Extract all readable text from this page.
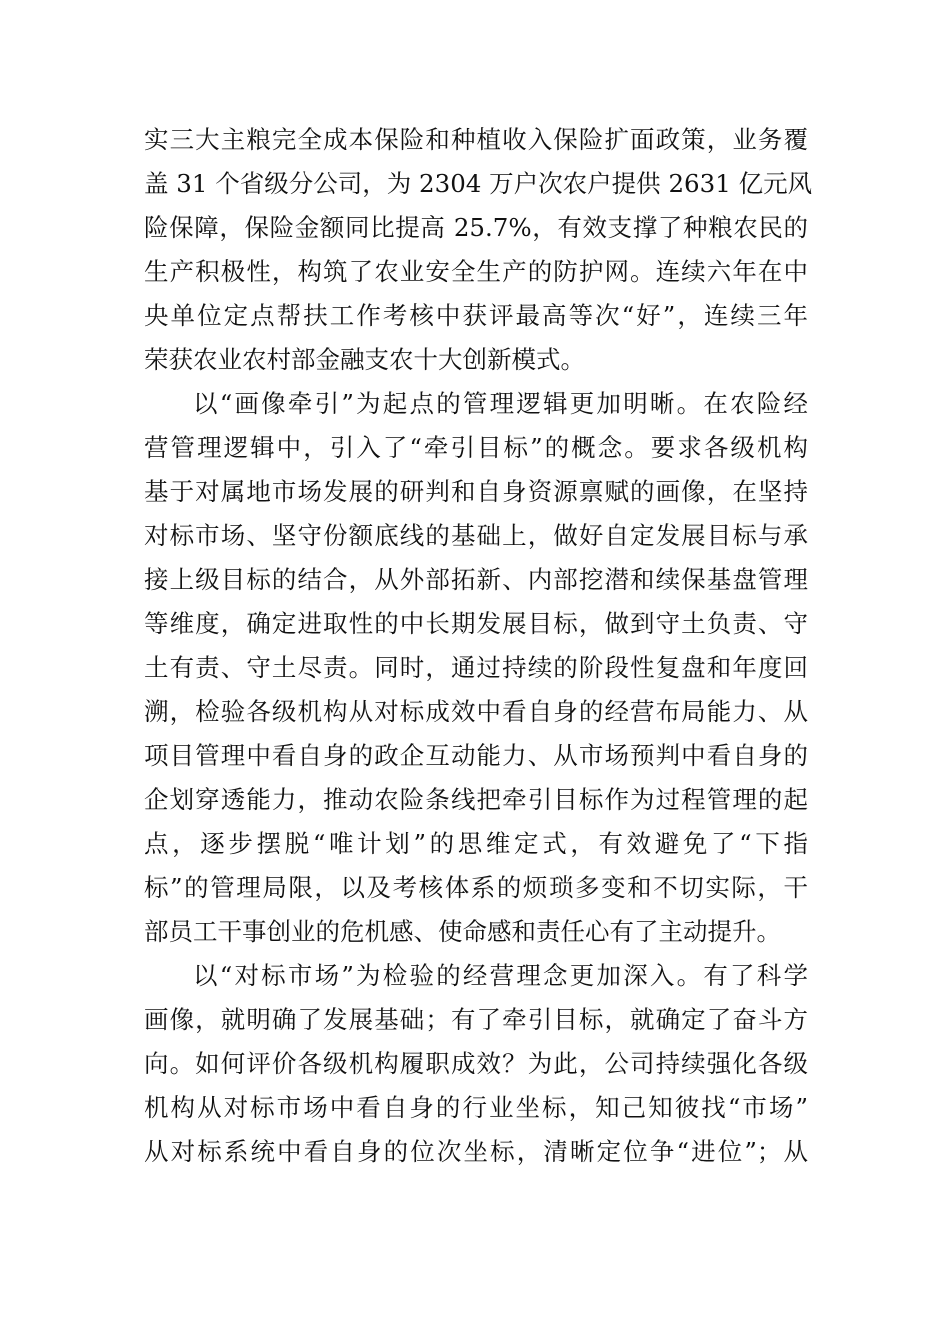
实三大主粮完全成本保险和种植收入保险扩面政策，业务覆
盖 31 个省级分公司，为 2304 万户次农户提供 2631 亿元风
险保障，保险金额同比提高 25.7%，有效支撑了种粮农民的
生产积极性，构筑了农业安全生产的防护网。连续六年在中
央单位定点帮扶工作考核中获评最高等次“好”，连续三年
荣获农业农村部金融支农十大创新模式。
以“画像牵引”为起点的管理逻辑更加明晰。在农险经
营管理逻辑中，引入了“牵引目标”的概念。要求各级机构
基于对属地市场发展的研判和自身资源禀赋的画像，在坚持
对标市场、坚守份额底线的基础上，做好自定发展目标与承
接上级目标的结合，从外部拓新、内部挖潜和续保基盘管理
等维度，确定进取性的中长期发展目标，做到守土负责、守
土有责、守土尽责。同时，通过持续的阶段性复盘和年度回
溯，检验各级机构从对标成效中看自身的经营布局能力、从
项目管理中看自身的政企互动能力、从市场预判中看自身的
企划穿透能力，推动农险条线把牵引目标作为过程管理的起
点，逐步摆脱“唯计划”的思维定式，有效避免了“下指
标”的管理局限，以及考核体系的烦琐多变和不切实际，干
部员工干事创业的危机感、使命感和责任心有了主动提升。
以“对标市场”为检验的经营理念更加深入。有了科学
画像，就明确了发展基础；有了牵引目标，就确定了奋斗方
向。如何评价各级机构履职成效？为此，公司持续强化各级
机构从对标市场中看自身的行业坐标，知己知彼找“市场”
从对标系统中看自身的位次坐标，清晰定位争“进位”；从
